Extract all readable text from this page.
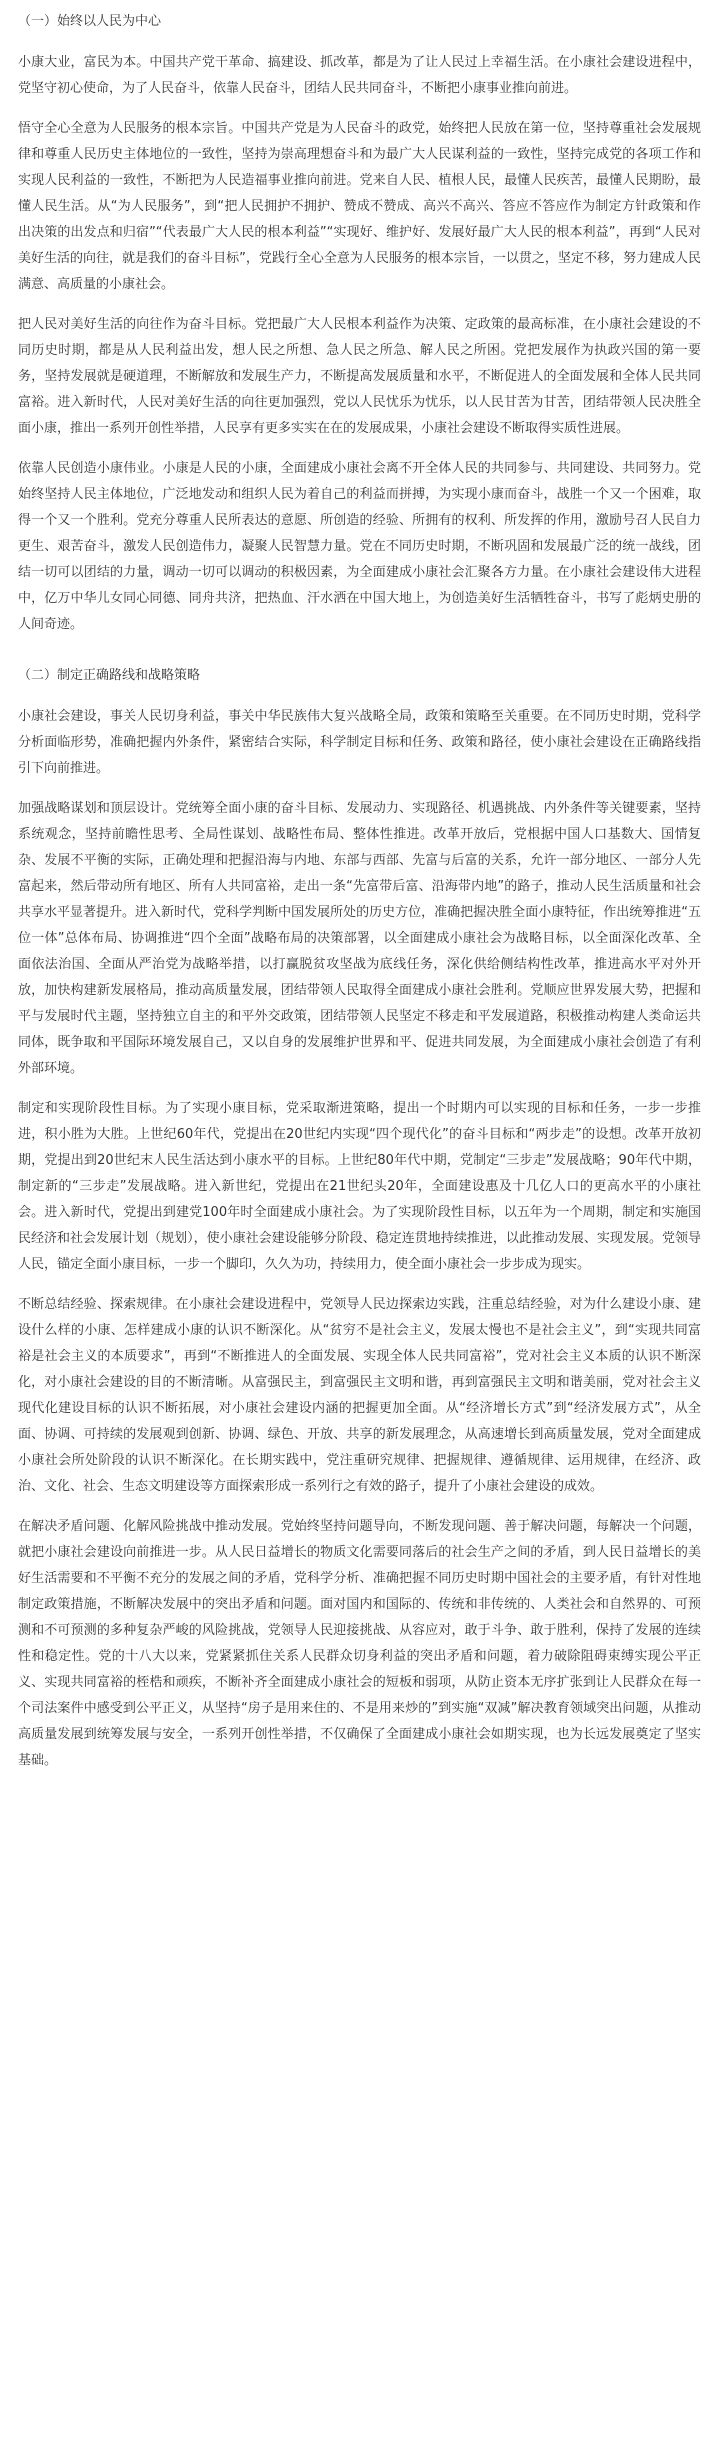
（一）始终以人民为中心

小康大业，富民为本。中国共产党干革命、搞建设、抓改革，都是为了让人民过上幸福生活。在小康社会建设进程中，党坚守初心使命，为了人民奋斗，依靠人民奋斗，团结人民共同奋斗，不断把小康事业推向前进。

悟守全心全意为人民服务的根本宗旨。中国共产党是为人民奋斗的政党，始终把人民放在第一位，坚持尊重社会发展规律和尊重人民历史主体地位的一致性，坚持为崇高理想奋斗和为最广大人民谋利益的一致性，坚持完成党的各项工作和实现人民利益的一致性，不断把为人民造福事业推向前进。党来自人民、植根人民，最懂人民疾苦，最懂人民期盼，最懂人民生活。从“为人民服务”，到“把人民拥护不拥护、赞成不赞成、高兴不高兴、答应不答应作为制定方针政策和作出决策的出发点和归宿”“代表最广大人民的根本利益”“实现好、维护好、发展好最广大人民的根本利益”，再到“人民对美好生活的向往，就是我们的奋斗目标”，党践行全心全意为人民服务的根本宗旨，一以贯之，坚定不移，努力建成人民满意、高质量的小康社会。

把人民对美好生活的向往作为奋斗目标。党把最广大人民根本利益作为决策、定政策的最高标准，在小康社会建设的不同历史时期，都是从人民利益出发，想人民之所想、急人民之所急、解人民之所困。党把发展作为执政兴国的第一要务，坚持发展就是硬道理，不断解放和发展生产力，不断提高发展质量和水平，不断促进人的全面发展和全体人民共同富裕。进入新时代，人民对美好生活的向往更加强烈，党以人民忧乐为忧乐，以人民甘苦为甘苦，团结带领人民决胜全面小康，推出一系列开创性举措，人民享有更多实实在在的发展成果，小康社会建设不断取得实质性进展。

依靠人民创造小康伟业。小康是人民的小康，全面建成小康社会离不开全体人民的共同参与、共同建设、共同努力。党始终坚持人民主体地位，广泛地发动和组织人民为着自己的利益而拼搏，为实现小康而奋斗，战胜一个又一个困难，取得一个又一个胜利。党充分尊重人民所表达的意愿、所创造的经验、所拥有的权利、所发挥的作用，激励号召人民自力更生、艰苦奋斗，激发人民创造伟力，凝聚人民智慧力量。党在不同历史时期，不断巩固和发展最广泛的统一战线，团结一切可以团结的力量，调动一切可以调动的积极因素，为全面建成小康社会汇聚各方力量。在小康社会建设伟大进程中，亿万中华儿女同心同德、同舟共济，把热血、汗水洒在中国大地上，为创造美好生活牺牲奋斗，书写了彪炳史册的人间奇迹。

（二）制定正确路线和战略策略

小康社会建设，事关人民切身利益，事关中华民族伟大复兴战略全局，政策和策略至关重要。在不同历史时期，党科学分析面临形势，准确把握内外条件，紧密结合实际，科学制定目标和任务、政策和路径，使小康社会建设在正确路线指引下向前推进。

加强战略谋划和顶层设计。党统筹全面小康的奋斗目标、发展动力、实现路径、机遇挑战、内外条件等关键要素，坚持系统观念，坚持前瞻性思考、全局性谋划、战略性布局、整体性推进。改革开放后，党根据中国人口基数大、国情复杂、发展不平衡的实际，正确处理和把握沿海与内地、东部与西部、先富与后富的关系，允许一部分地区、一部分人先富起来，然后带动所有地区、所有人共同富裕，走出一条“先富带后富、沿海带内地”的路子，推动人民生活质量和社会共享水平显著提升。进入新时代，党科学判断中国发展所处的历史方位，准确把握决胜全面小康特征，作出统筹推进“五位一体”总体布局、协调推进“四个全面”战略布局的决策部署，以全面建成小康社会为战略目标，以全面深化改革、全面依法治国、全面从严治党为战略举措，以打赢脱贫攻坚战为底线任务，深化供给侧结构性改革，推进高水平对外开放，加快构建新发展格局，推动高质量发展，团结带领人民取得全面建成小康社会胜利。党顺应世界发展大势，把握和平与发展时代主题，坚持独立自主的和平外交政策，团结带领人民坚定不移走和平发展道路，积极推动构建人类命运共同体，既争取和平国际环境发展自己，又以自身的发展维护世界和平、促进共同发展，为全面建成小康社会创造了有利外部环境。

制定和实现阶段性目标。为了实现小康目标，党采取渐进策略，提出一个时期内可以实现的目标和任务，一步一步推进，积小胜为大胜。上世纪60年代，党提出在20世纪内实现“四个现代化”的奋斗目标和“两步走”的设想。改革开放初期，党提出到20世纪末人民生活达到小康水平的目标。上世纪80年代中期，党制定“三步走”发展战略；90年代中期，制定新的“三步走”发展战略。进入新世纪，党提出在21世纪头20年，全面建设惠及十几亿人口的更高水平的小康社会。进入新时代，党提出到建党100年时全面建成小康社会。为了实现阶段性目标，以五年为一个周期，制定和实施国民经济和社会发展计划（规划），使小康社会建设能够分阶段、稳定连贯地持续推进，以此推动发展、实现发展。党领导人民，锚定全面小康目标，一步一个脚印，久久为功，持续用力，使全面小康社会一步步成为现实。

不断总结经验、探索规律。在小康社会建设进程中，党领导人民边探索边实践，注重总结经验，对为什么建设小康、建设什么样的小康、怎样建成小康的认识不断深化。从“贫穷不是社会主义，发展太慢也不是社会主义”，到“实现共同富裕是社会主义的本质要求”，再到“不断推进人的全面发展、实现全体人民共同富裕”，党对社会主义本质的认识不断深化，对小康社会建设的目的不断清晰。从富强民主，到富强民主文明和谐，再到富强民主文明和谐美丽，党对社会主义现代化建设目标的认识不断拓展，对小康社会建设内涵的把握更加全面。从“经济增长方式”到“经济发展方式”，从全面、协调、可持续的发展观到创新、协调、绿色、开放、共享的新发展理念，从高速增长到高质量发展，党对全面建成小康社会所处阶段的认识不断深化。在长期实践中，党注重研究规律、把握规律、遵循规律、运用规律，在经济、政治、文化、社会、生态文明建设等方面探索形成一系列行之有效的路子，提升了小康社会建设的成效。

在解决矛盾问题、化解风险挑战中推动发展。党始终坚持问题导向，不断发现问题、善于解决问题，每解决一个问题，就把小康社会建设向前推进一步。从人民日益增长的物质文化需要同落后的社会生产之间的矛盾，到人民日益增长的美好生活需要和不平衡不充分的发展之间的矛盾，党科学分析、准确把握不同历史时期中国社会的主要矛盾，有针对性地制定政策措施，不断解决发展中的突出矛盾和问题。面对国内和国际的、传统和非传统的、人类社会和自然界的、可预测和不可预测的多种复杂严峻的风险挑战，党领导人民迎接挑战、从容应对，敢于斗争、敢于胜利，保持了发展的连续性和稳定性。党的十八大以来，党紧紧抓住关系人民群众切身利益的突出矛盾和问题，着力破除阻碍束缚实现公平正义、实现共同富裕的桎梏和顽疾，不断补齐全面建成小康社会的短板和弱项，从防止资本无序扩张到让人民群众在每一个司法案件中感受到公平正义，从坚持“房子是用来住的、不是用来炒的”到实施“双减”解决教育领域突出问题，从推动高质量发展到统筹发展与安全，一系列开创性举措，不仅确保了全面建成小康社会如期实现，也为长远发展奠定了坚实基础。
